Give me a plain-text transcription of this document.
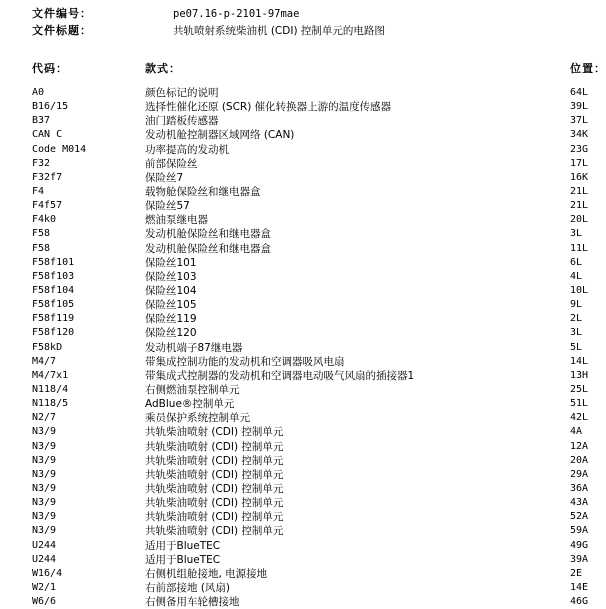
文件编号：	pe07.16-p-2101-97mae
文件标题：	共轨喷射系统柴油机 (CDI) 控制单元的电路图
代码：	款式：	位置：
A0	颜色标记的说明	64L
B16/15	选择性催化还原 (SCR) 催化转换器上游的温度传感器	39L
B37	油门踏板传感器	37L
CAN C	发动机舱控制器区域网络 (CAN)	34K
Code M014	功率提高的发动机	23G
F32	前部保险丝	17L
F32f7	保险丝7	16K
F4	载物舱保险丝和继电器盒	21L
F4f57	保险丝57	21L
F4k0	燃油泵继电器	20L
F58	发动机舱保险丝和继电器盒	3L
F58	发动机舱保险丝和继电器盒	11L
F58f101	保险丝101	6L
F58f103	保险丝103	4L
F58f104	保险丝104	10L
F58f105	保险丝105	9L
F58f119	保险丝119	2L
F58f120	保险丝120	3L
F58kD	发动机端子87继电器	5L
M4/7	带集成控制功能的发动机和空调器吸风电扇	14L
M4/7x1	带集成式控制器的发动机和空调器电动吸气风扇的插接器1	13H
N118/4	右侧燃油泵控制单元	25L
N118/5	AdBlue®控制单元	51L
N2/7	乘员保护系统控制单元	42L
N3/9	共轨柴油喷射 (CDI) 控制单元	4A
N3/9	共轨柴油喷射 (CDI) 控制单元	12A
N3/9	共轨柴油喷射 (CDI) 控制单元	20A
N3/9	共轨柴油喷射 (CDI) 控制单元	29A
N3/9	共轨柴油喷射 (CDI) 控制单元	36A
N3/9	共轨柴油喷射 (CDI) 控制单元	43A
N3/9	共轨柴油喷射 (CDI) 控制单元	52A
N3/9	共轨柴油喷射 (CDI) 控制单元	59A
U244	适用于BlueTEC	49G
U244	适用于BlueTEC	39A
W16/4	右侧机组舱接地, 电源接地	2E
W2/1	右前部接地 (风扇)	14E
W6/6	右侧备用车轮槽接地	46G
